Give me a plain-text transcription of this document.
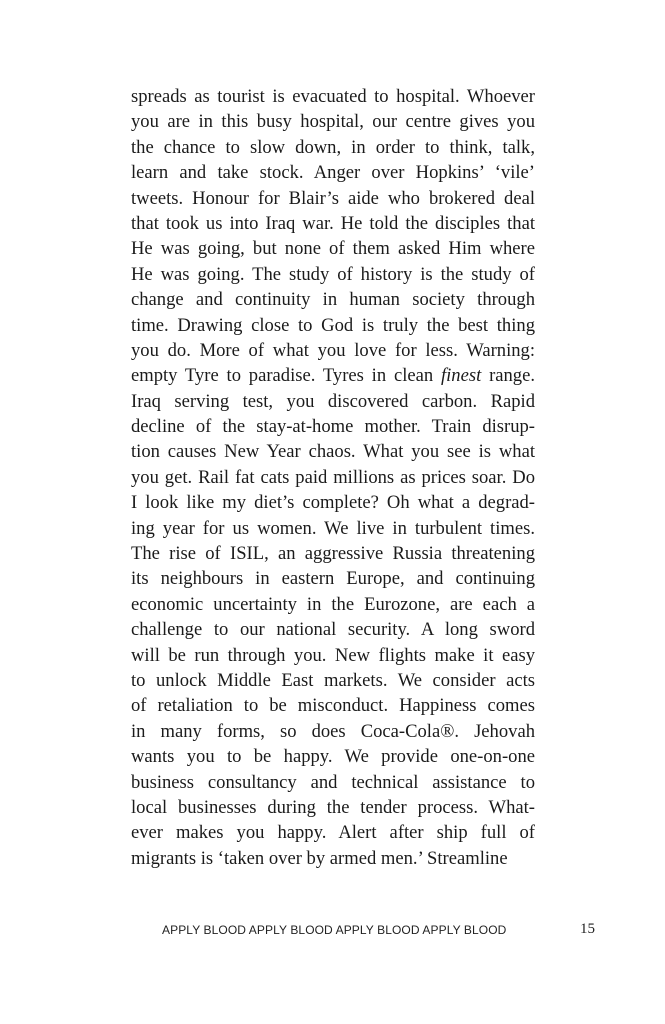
spreads as tourist is evacuated to hospital. Whoever
you are in this busy hospital, our centre gives you
the chance to slow down, in order to think, talk,
learn and take stock. Anger over Hopkins’ ‘vile’
tweets. Honour for Blair’s aide who brokered deal
that took us into Iraq war. He told the disciples that
He was going, but none of them asked Him where
He was going. The study of history is the study of
change and continuity in human society through
time. Drawing close to God is truly the best thing
you do. More of what you love for less. Warning:
empty Tyre to paradise. Tyres in clean finest range.
Iraq serving test, you discovered carbon. Rapid
decline of the stay-at-home mother. Train disrup-
tion causes New Year chaos. What you see is what
you get. Rail fat cats paid millions as prices soar. Do
I look like my diet’s complete? Oh what a degrad-
ing year for us women. We live in turbulent times.
The rise of ISIL, an aggressive Russia threatening
its neighbours in eastern Europe, and continuing
economic uncertainty in the Eurozone, are each a
challenge to our national security. A long sword
will be run through you. New flights make it easy
to unlock Middle East markets. We consider acts
of retaliation to be misconduct. Happiness comes
in many forms, so does Coca-Cola®. Jehovah
wants you to be happy. We provide one-on-one
business consultancy and technical assistance to
local businesses during the tender process. What-
ever makes you happy. Alert after ship full of
migrants is ‘taken over by armed men.’ Streamline
APPLY BLOOD APPLY BLOOD APPLY BLOOD APPLY BLOOD	15
